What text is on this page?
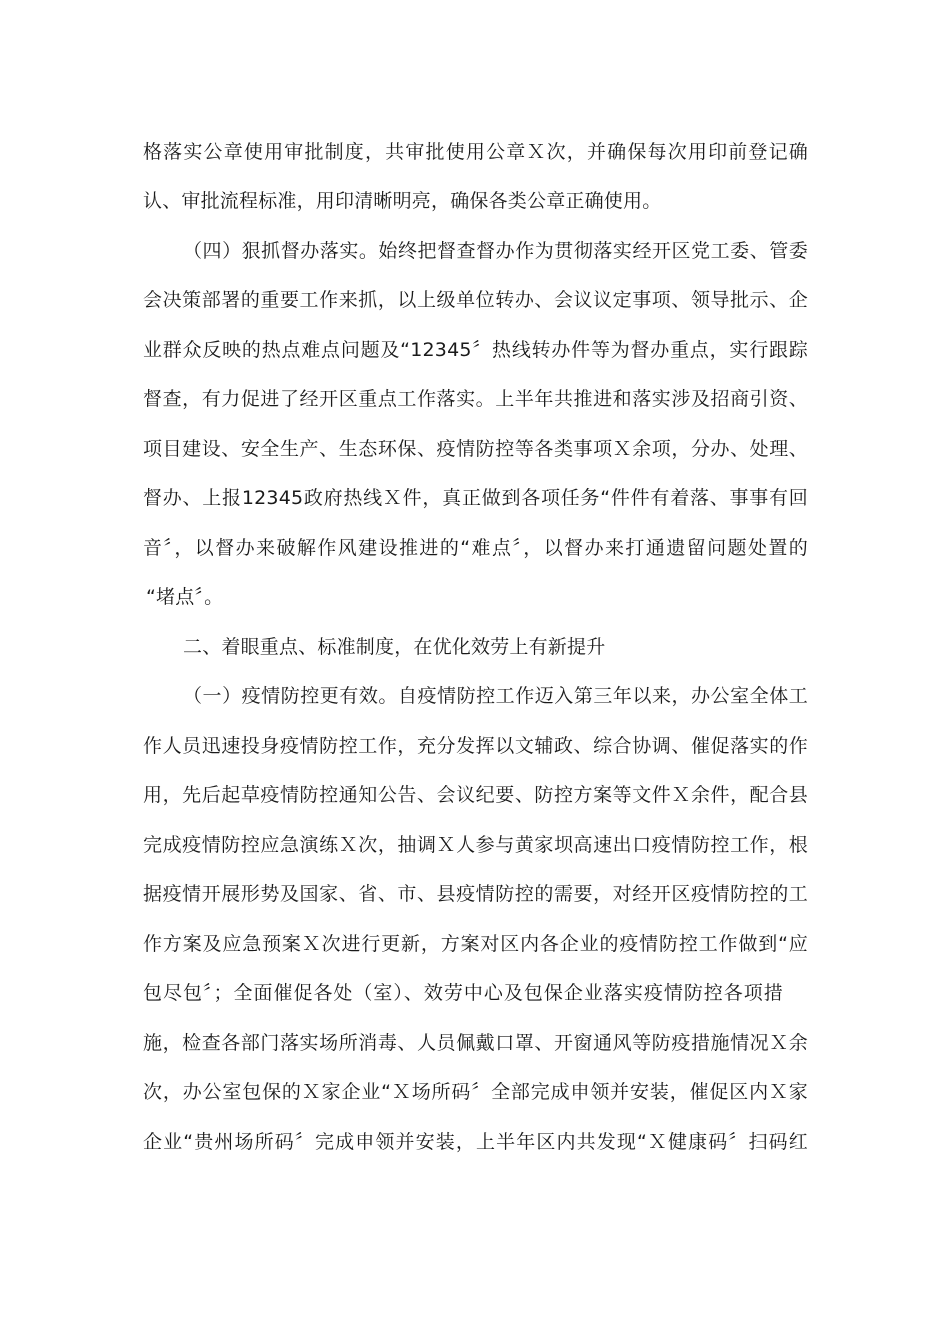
格落实公章使用审批制度，共审批使用公章Ｘ次，并确保每次用印前登记确
认、审批流程标准，用印清晰明亮，确保各类公章正确使用。
（四）狠抓督办落实。始终把督查督办作为贯彻落实经开区党工委、管委
会决策部署的重要工作来抓，以上级单位转办、会议议定事项、领导批示、企
业群众反映的热点难点问题及“12345〞热线转办件等为督办重点，实行跟踪
督查，有力促进了经开区重点工作落实。上半年共推进和落实涉及招商引资、
项目建设、安全生产、生态环保、疫情防控等各类事项Ｘ余项，分办、处理、
督办、上报12345政府热线Ｘ件，真正做到各项任务“件件有着落、事事有回
音〞，以督办来破解作风建设推进的“难点〞，以督办来打通遗留问题处置的
“堵点〞。
二、着眼重点、标准制度，在优化效劳上有新提升
（一）疫情防控更有效。自疫情防控工作迈入第三年以来，办公室全体工
作人员迅速投身疫情防控工作，充分发挥以文辅政、综合协调、催促落实的作
用，先后起草疫情防控通知公告、会议纪要、防控方案等文件Ｘ余件，配合县
完成疫情防控应急演练Ｘ次，抽调Ｘ人参与黄家坝高速出口疫情防控工作，根
据疫情开展形势及国家、省、市、县疫情防控的需要，对经开区疫情防控的工
作方案及应急预案Ｘ次进行更新，方案对区内各企业的疫情防控工作做到“应
包尽包〞；全面催促各处（室）、效劳中心及包保企业落实疫情防控各项措
施，检查各部门落实场所消毒、人员佩戴口罩、开窗通风等防疫措施情况Ｘ余
次，办公室包保的Ｘ家企业“Ｘ场所码〞全部完成申领并安装，催促区内Ｘ家
企业“贵州场所码〞完成申领并安装，上半年区内共发现“Ｘ健康码〞扫码红
